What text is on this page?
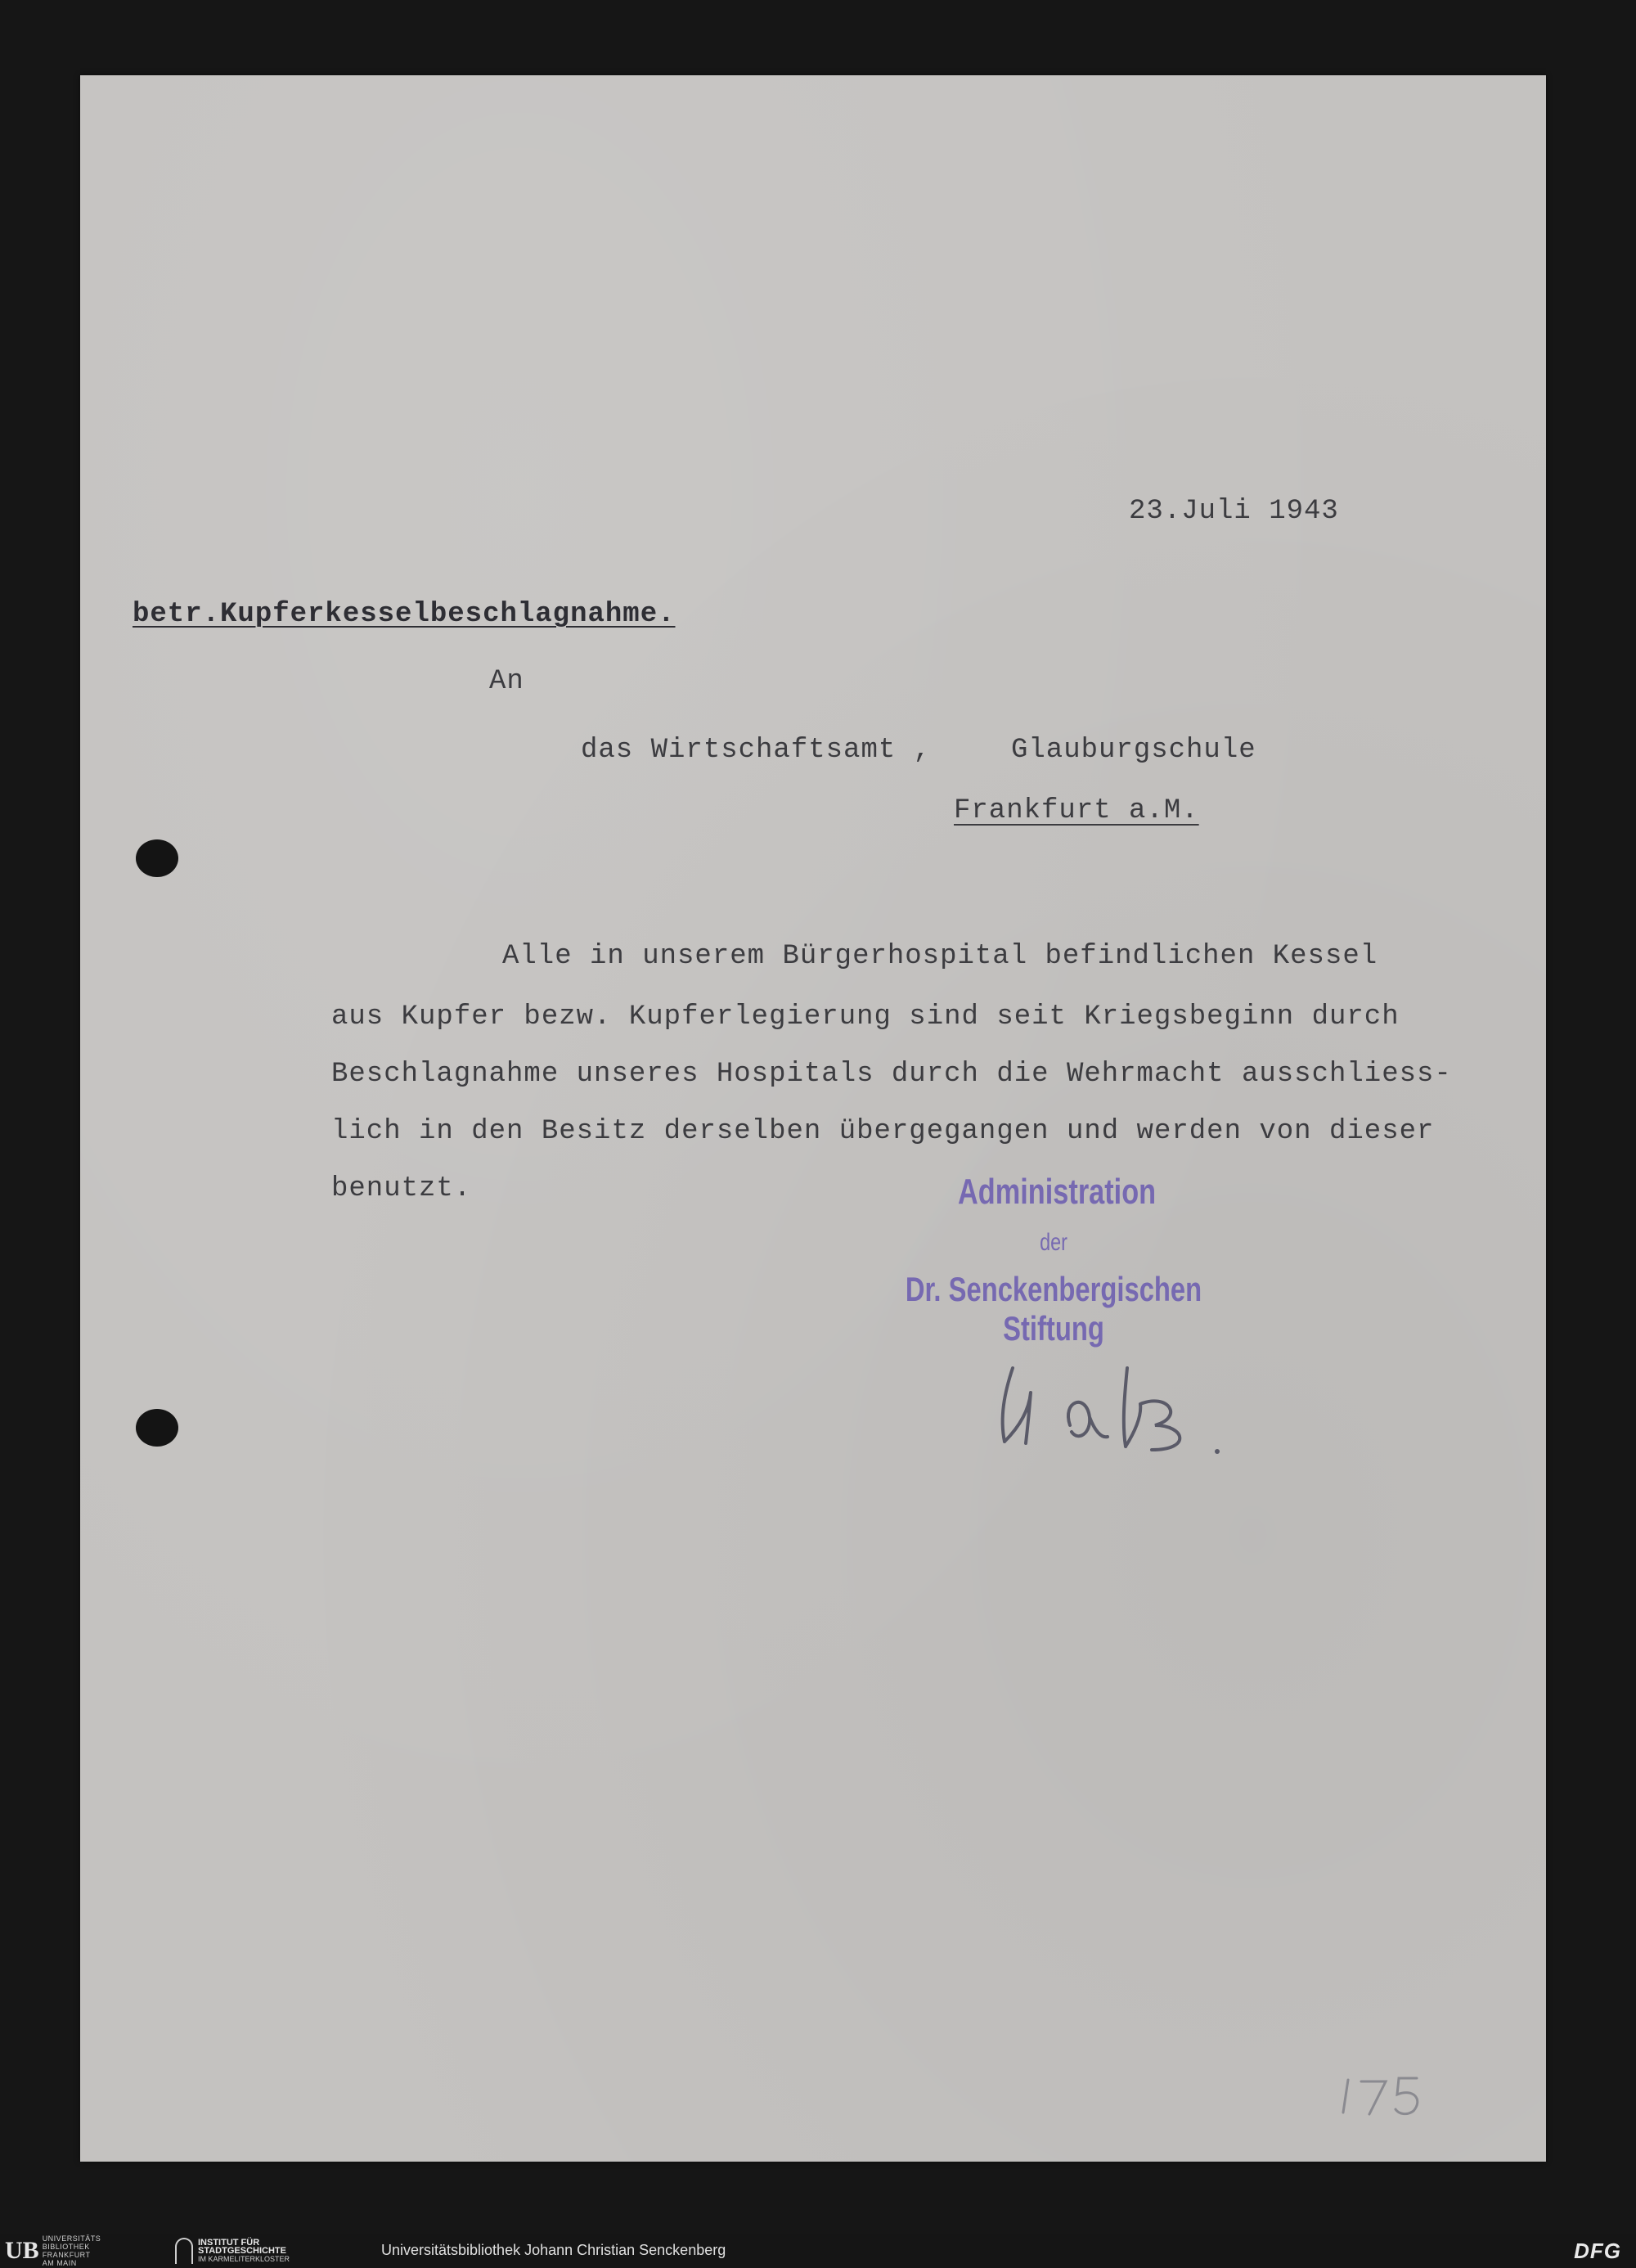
23.Juli 1943
betr.Kupferkesselbeschlagnahme.
An
das Wirtschaftsamt ,	Glauburgschule
Frankfurt a.M.
Alle in unserem Bürgerhospital befindlichen Kessel
aus Kupfer bezw. Kupferlegierung sind seit Kriegsbeginn durch
Beschlagnahme unseres Hospitals durch die Wehrmacht ausschliess-
lich in den Besitz derselben übergegangen und werden von dieser
benutzt.	Administration
der
Dr. Senckenbergischen Stiftung
UB UNIVERSITÄTS
BIBLIOTHEK
FRANKFURT AM MAIN
INSTITUT FÜR
STADTGESCHICHTE
IM KARMELITERKLOSTER

Universitätsbibliothek Johann Christian Senckenberg	DFG
